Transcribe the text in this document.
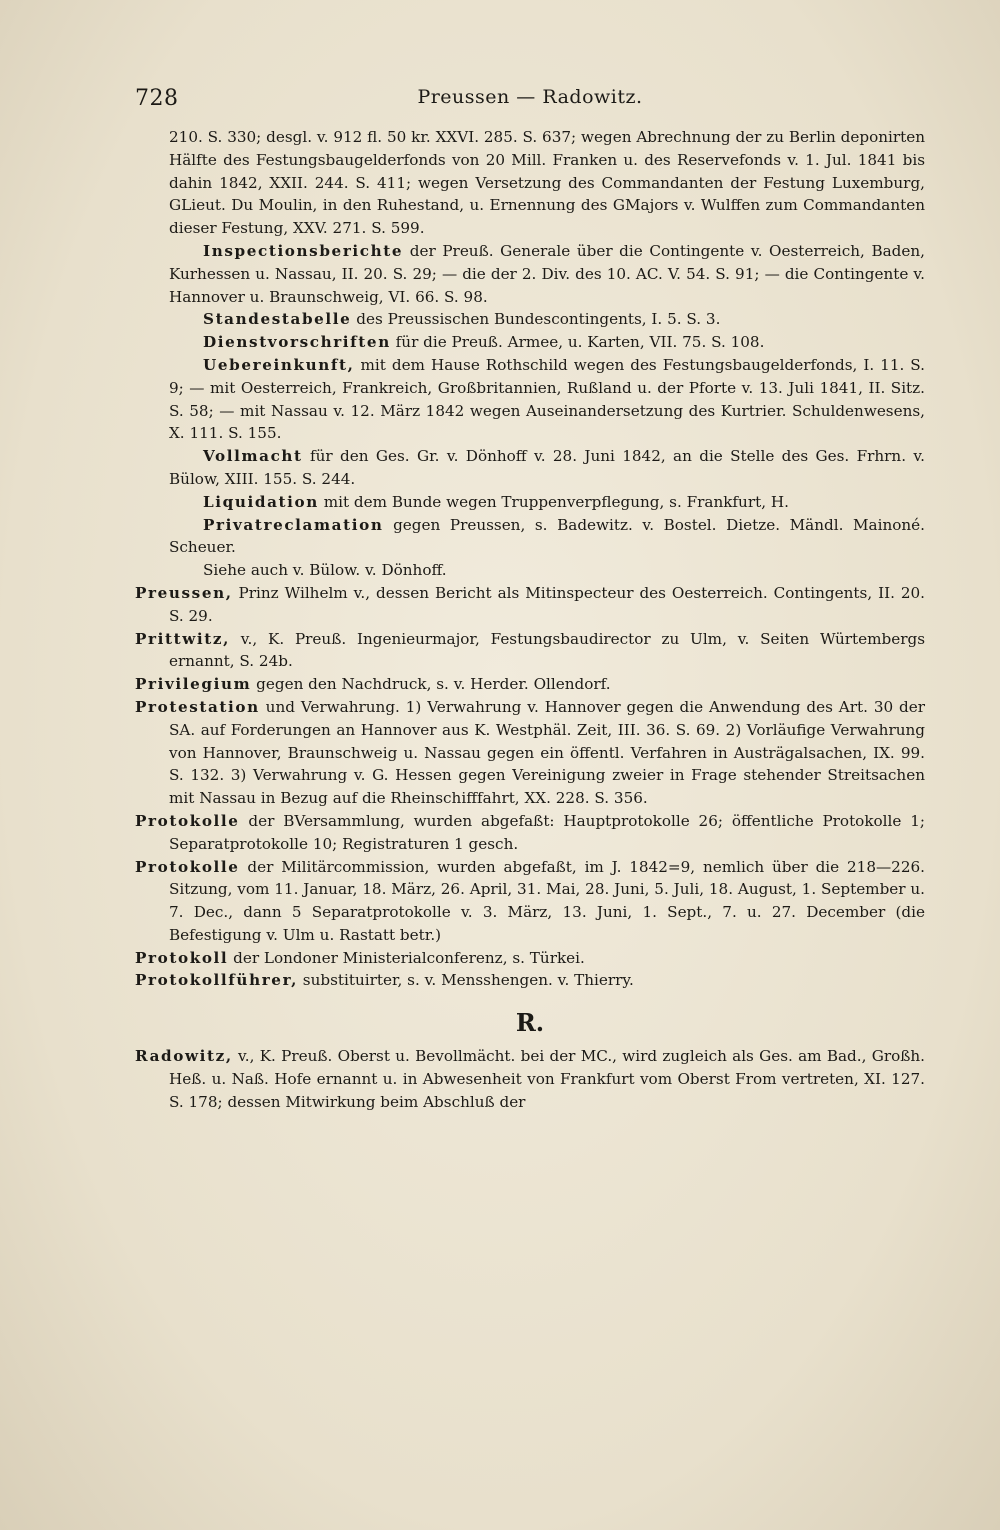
728	Preussen — Radowitz.

210. S. 330; desgl. v. 912 fl. 50 kr. XXVI. 285. S. 637; wegen Abrechnung der zu Berlin deponirten Hälfte des Festungsbaugelderfonds von 20 Mill. Franken u. des Reservefonds v. 1. Jul. 1841 bis dahin 1842, XXII. 244. S. 411; wegen Versetzung des Commandanten der Festung Luxemburg, GLieut. Du Moulin, in den Ruhestand, u. Ernennung des GMajors v. Wulffen zum Commandanten dieser Festung, XXV. 271. S. 599.

Inspectionsberichte der Preuß. Generale über die Contingente v. Oesterreich, Baden, Kurhessen u. Nassau, II. 20. S. 29; — die der 2. Div. des 10. AC. V. 54. S. 91; — die Contingente v. Hannover u. Braunschweig, VI. 66. S. 98.

Standestabelle des Preussischen Bundescontingents, I. 5. S. 3.

Dienstvorschriften für die Preuß. Armee, u. Karten, VII. 75. S. 108.

Uebereinkunft, mit dem Hause Rothschild wegen des Festungsbaugelderfonds, I. 11. S. 9; — mit Oesterreich, Frankreich, Großbritannien, Rußland u. der Pforte v. 13. Juli 1841, II. Sitz. S. 58; — mit Nassau v. 12. März 1842 wegen Auseinandersetzung des Kurtrier. Schuldenwesens, X. 111. S. 155.

Vollmacht für den Ges. Gr. v. Dönhoff v. 28. Juni 1842, an die Stelle des Ges. Frhrn. v. Bülow, XIII. 155. S. 244.

Liquidation mit dem Bunde wegen Truppenverpflegung, s. Frankfurt, H.

Privatreclamation gegen Preussen, s. Badewitz. v. Bostel. Dietze. Mändl. Mainoné. Scheuer.

Siehe auch v. Bülow. v. Dönhoff.

Preussen, Prinz Wilhelm v., dessen Bericht als Mitinspecteur des Oesterreich. Contingents, II. 20. S. 29.

Prittwitz, v., K. Preuß. Ingenieurmajor, Festungsbaudirector zu Ulm, v. Seiten Würtembergs ernannt, S. 24b.

Privilegium gegen den Nachdruck, s. v. Herder. Ollendorf.

Protestation und Verwahrung. 1) Verwahrung v. Hannover gegen die Anwendung des Art. 30 der SA. auf Forderungen an Hannover aus K. Westphäl. Zeit, III. 36. S. 69. 2) Vorläufige Verwahrung von Hannover, Braunschweig u. Nassau gegen ein öffentl. Verfahren in Austrägalsachen, IX. 99. S. 132. 3) Verwahrung v. G. Hessen gegen Vereinigung zweier in Frage stehender Streitsachen mit Nassau in Bezug auf die Rheinschifffahrt, XX. 228. S. 356.

Protokolle der BVersammlung, wurden abgefaßt: Hauptprotokolle 26; öffentliche Protokolle 1; Separatprotokolle 10; Registraturen 1 gesch.

Protokolle der Militärcommission, wurden abgefaßt, im J. 1842=9, nemlich über die 218—226. Sitzung, vom 11. Januar, 18. März, 26. April, 31. Mai, 28. Juni, 5. Juli, 18. August, 1. September u. 7. Dec., dann 5 Separatprotokolle v. 3. März, 13. Juni, 1. Sept., 7. u. 27. December (die Befestigung v. Ulm u. Rastatt betr.)

Protokoll der Londoner Ministerialconferenz, s. Türkei.

Protokollführer, substituirter, s. v. Mensshengen. v. Thierry.

R.

Radowitz, v., K. Preuß. Oberst u. Bevollmächt. bei der MC., wird zugleich als Ges. am Bad., Großh. Heß. u. Naß. Hofe ernannt u. in Abwesenheit von Frankfurt vom Oberst From vertreten, XI. 127. S. 178; dessen Mitwirkung beim Abschluß der
